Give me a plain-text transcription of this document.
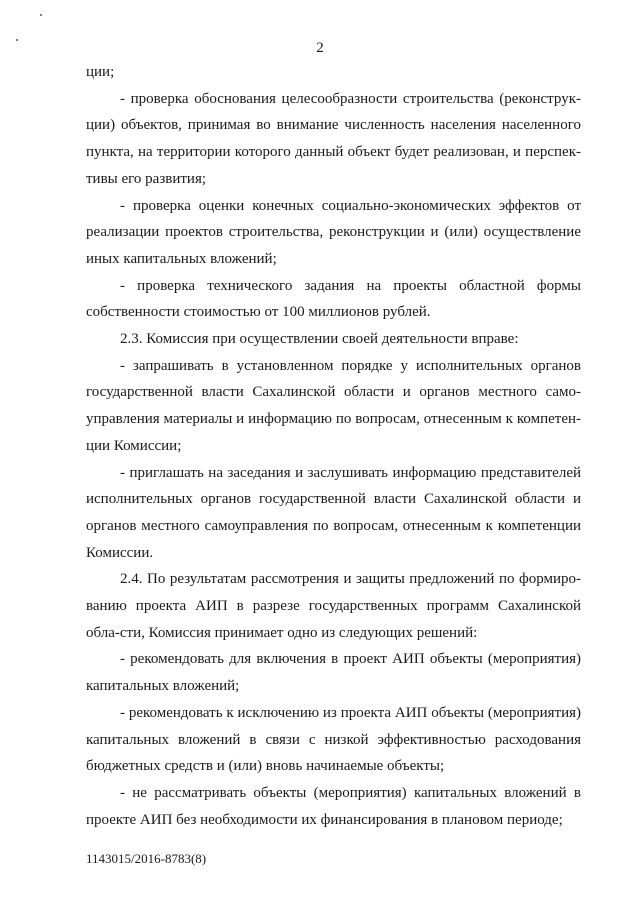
2

ции;

- проверка обоснования целесообразности строительства (реконструк-ции) объектов, принимая во внимание численность населения населенного пункта, на территории которого данный объект будет реализован, и перспек-тивы его развития;

- проверка оценки конечных социально-экономических эффектов от реализации проектов строительства, реконструкции и (или) осуществление иных капитальных вложений;

- проверка технического задания на проекты областной формы собственности стоимостью от 100 миллионов рублей.

2.3. Комиссия при осуществлении своей деятельности вправе:

- запрашивать в установленном порядке у исполнительных органов государственной власти Сахалинской области и органов местного само-управления материалы и информацию по вопросам, отнесенным к компетен-ции Комиссии;

- приглашать на заседания и заслушивать информацию представителей исполнительных органов государственной власти Сахалинской области и органов местного самоуправления по вопросам, отнесенным к компетенции Комиссии.

2.4. По результатам рассмотрения и защиты предложений по формиро-ванию проекта АИП в разрезе государственных программ Сахалинской обла-сти, Комиссия принимает одно из следующих решений:

- рекомендовать для включения в проект АИП объекты (мероприятия) капитальных вложений;

- рекомендовать к исключению из проекта АИП объекты (мероприятия) капитальных вложений в связи с низкой эффективностью расходования бюджетных средств и (или) вновь начинаемые объекты;

- не рассматривать объекты (мероприятия) капитальных вложений в проекте АИП без необходимости их финансирования в плановом периоде;

1143015/2016-8783(8)
